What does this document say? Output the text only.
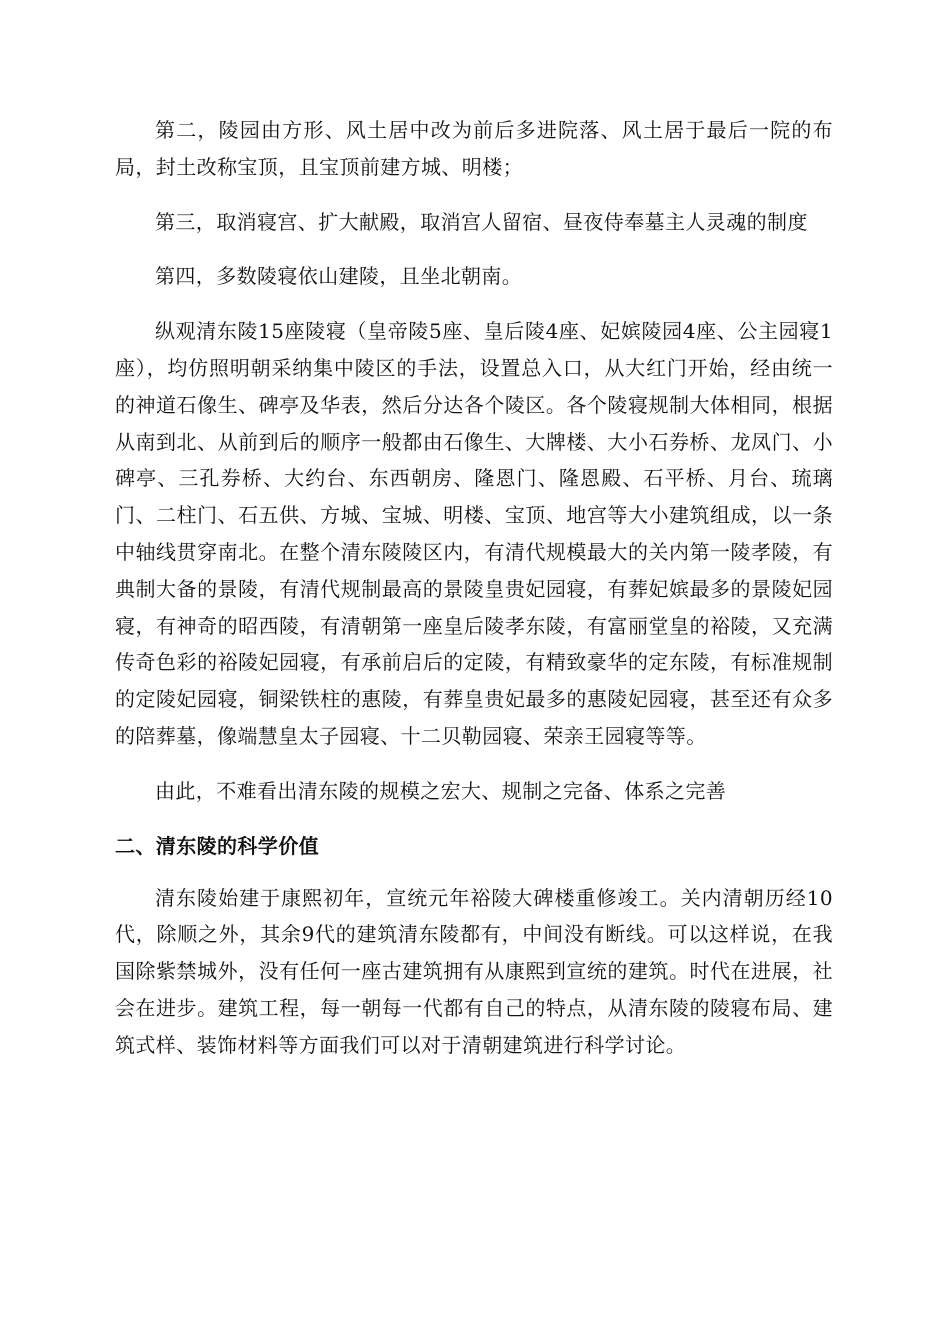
第二，陵园由方形、风土居中改为前后多进院落、风土居于最后一院的布局，封土改称宝顶，且宝顶前建方城、明楼；

第三，取消寝宫、扩大献殿，取消宫人留宿、昼夜侍奉墓主人灵魂的制度

第四，多数陵寝依山建陵，且坐北朝南。

纵观清东陵15座陵寝（皇帝陵5座、皇后陵4座、妃嫔陵园4座、公主园寝1座），均仿照明朝采纳集中陵区的手法，设置总入口，从大红门开始，经由统一的神道石像生、碑亭及华表，然后分达各个陵区。各个陵寝规制大体相同，根据从南到北、从前到后的顺序一般都由石像生、大牌楼、大小石券桥、龙凤门、小碑亭、三孔券桥、大约台、东西朝房、隆恩门、隆恩殿、石平桥、月台、琉璃门、二柱门、石五供、方城、宝城、明楼、宝顶、地宫等大小建筑组成，以一条中轴线贯穿南北。在整个清东陵陵区内，有清代规模最大的关内第一陵孝陵，有典制大备的景陵，有清代规制最高的景陵皇贵妃园寝，有葬妃嫔最多的景陵妃园寝，有神奇的昭西陵，有清朝第一座皇后陵孝东陵，有富丽堂皇的裕陵，又充满传奇色彩的裕陵妃园寝，有承前启后的定陵，有精致豪华的定东陵，有标准规制的定陵妃园寝，铜梁铁柱的惠陵，有葬皇贵妃最多的惠陵妃园寝，甚至还有众多的陪葬墓，像端慧皇太子园寝、十二贝勒园寝、荣亲王园寝等等。

由此，不难看出清东陵的规模之宏大、规制之完备、体系之完善

二、清东陵的科学价值

清东陵始建于康熙初年，宣统元年裕陵大碑楼重修竣工。关内清朝历经10代，除顺之外，其余9代的建筑清东陵都有，中间没有断线。可以这样说，在我国除紫禁城外，没有任何一座古建筑拥有从康熙到宣统的建筑。时代在进展，社会在进步。建筑工程，每一朝每一代都有自己的特点，从清东陵的陵寝布局、建筑式样、装饰材料等方面我们可以对于清朝建筑进行科学讨论。
